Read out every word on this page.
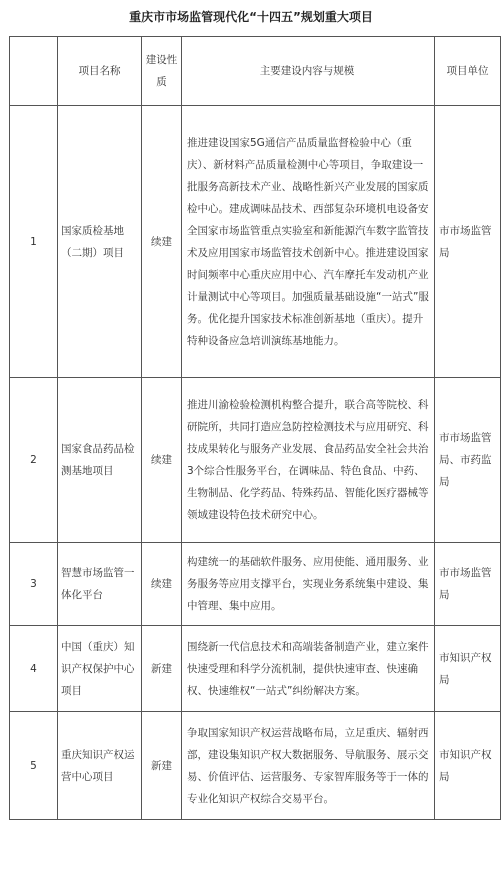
重庆市市场监管现代化“十四五”规划重大项目
	项目名称	建设性质	主要建设内容与规模	项目单位
1	国家质检基地（二期）项目	续建	推进建设国家5G通信产品质量监督检验中心（重庆）、新材料产品质量检测中心等项目，争取建设一批服务高新技术产业、战略性新兴产业发展的国家质检中心。建成调味品技术、西部复杂环境机电设备安全国家市场监管重点实验室和新能源汽车数字监管技术及应用国家市场监管技术创新中心。推进建设国家时间频率中心重庆应用中心、汽车摩托车发动机产业计量测试中心等项目。加强质量基础设施“一站式”服务。优化提升国家技术标准创新基地（重庆）。提升特种设备应急培训演练基地能力。	市市场监管局
2	国家食品药品检测基地项目	续建	推进川渝检验检测机构整合提升，联合高等院校、科研院所，共同打造应急防控检测技术与应用研究、科技成果转化与服务产业发展、食品药品安全社会共治3个综合性服务平台，在调味品、特色食品、中药、生物制品、化学药品、特殊药品、智能化医疗器械等领域建设特色技术研究中心。	市市场监管局、市药监局
3	智慧市场监管一体化平台	续建	构建统一的基础软件服务、应用使能、通用服务、业务服务等应用支撑平台，实现业务系统集中建设、集中管理、集中应用。	市市场监管局
4	中国（重庆）知识产权保护中心项目	新建	围绕新一代信息技术和高端装备制造产业，建立案件快速受理和科学分流机制，提供快速审查、快速确权、快速维权“一站式”纠纷解决方案。	市知识产权局
5	重庆知识产权运营中心项目	新建	争取国家知识产权运营战略布局，立足重庆、辐射西部，建设集知识产权大数据服务、导航服务、展示交易、价值评估、运营服务、专家智库服务等于一体的专业化知识产权综合交易平台。	市知识产权局
